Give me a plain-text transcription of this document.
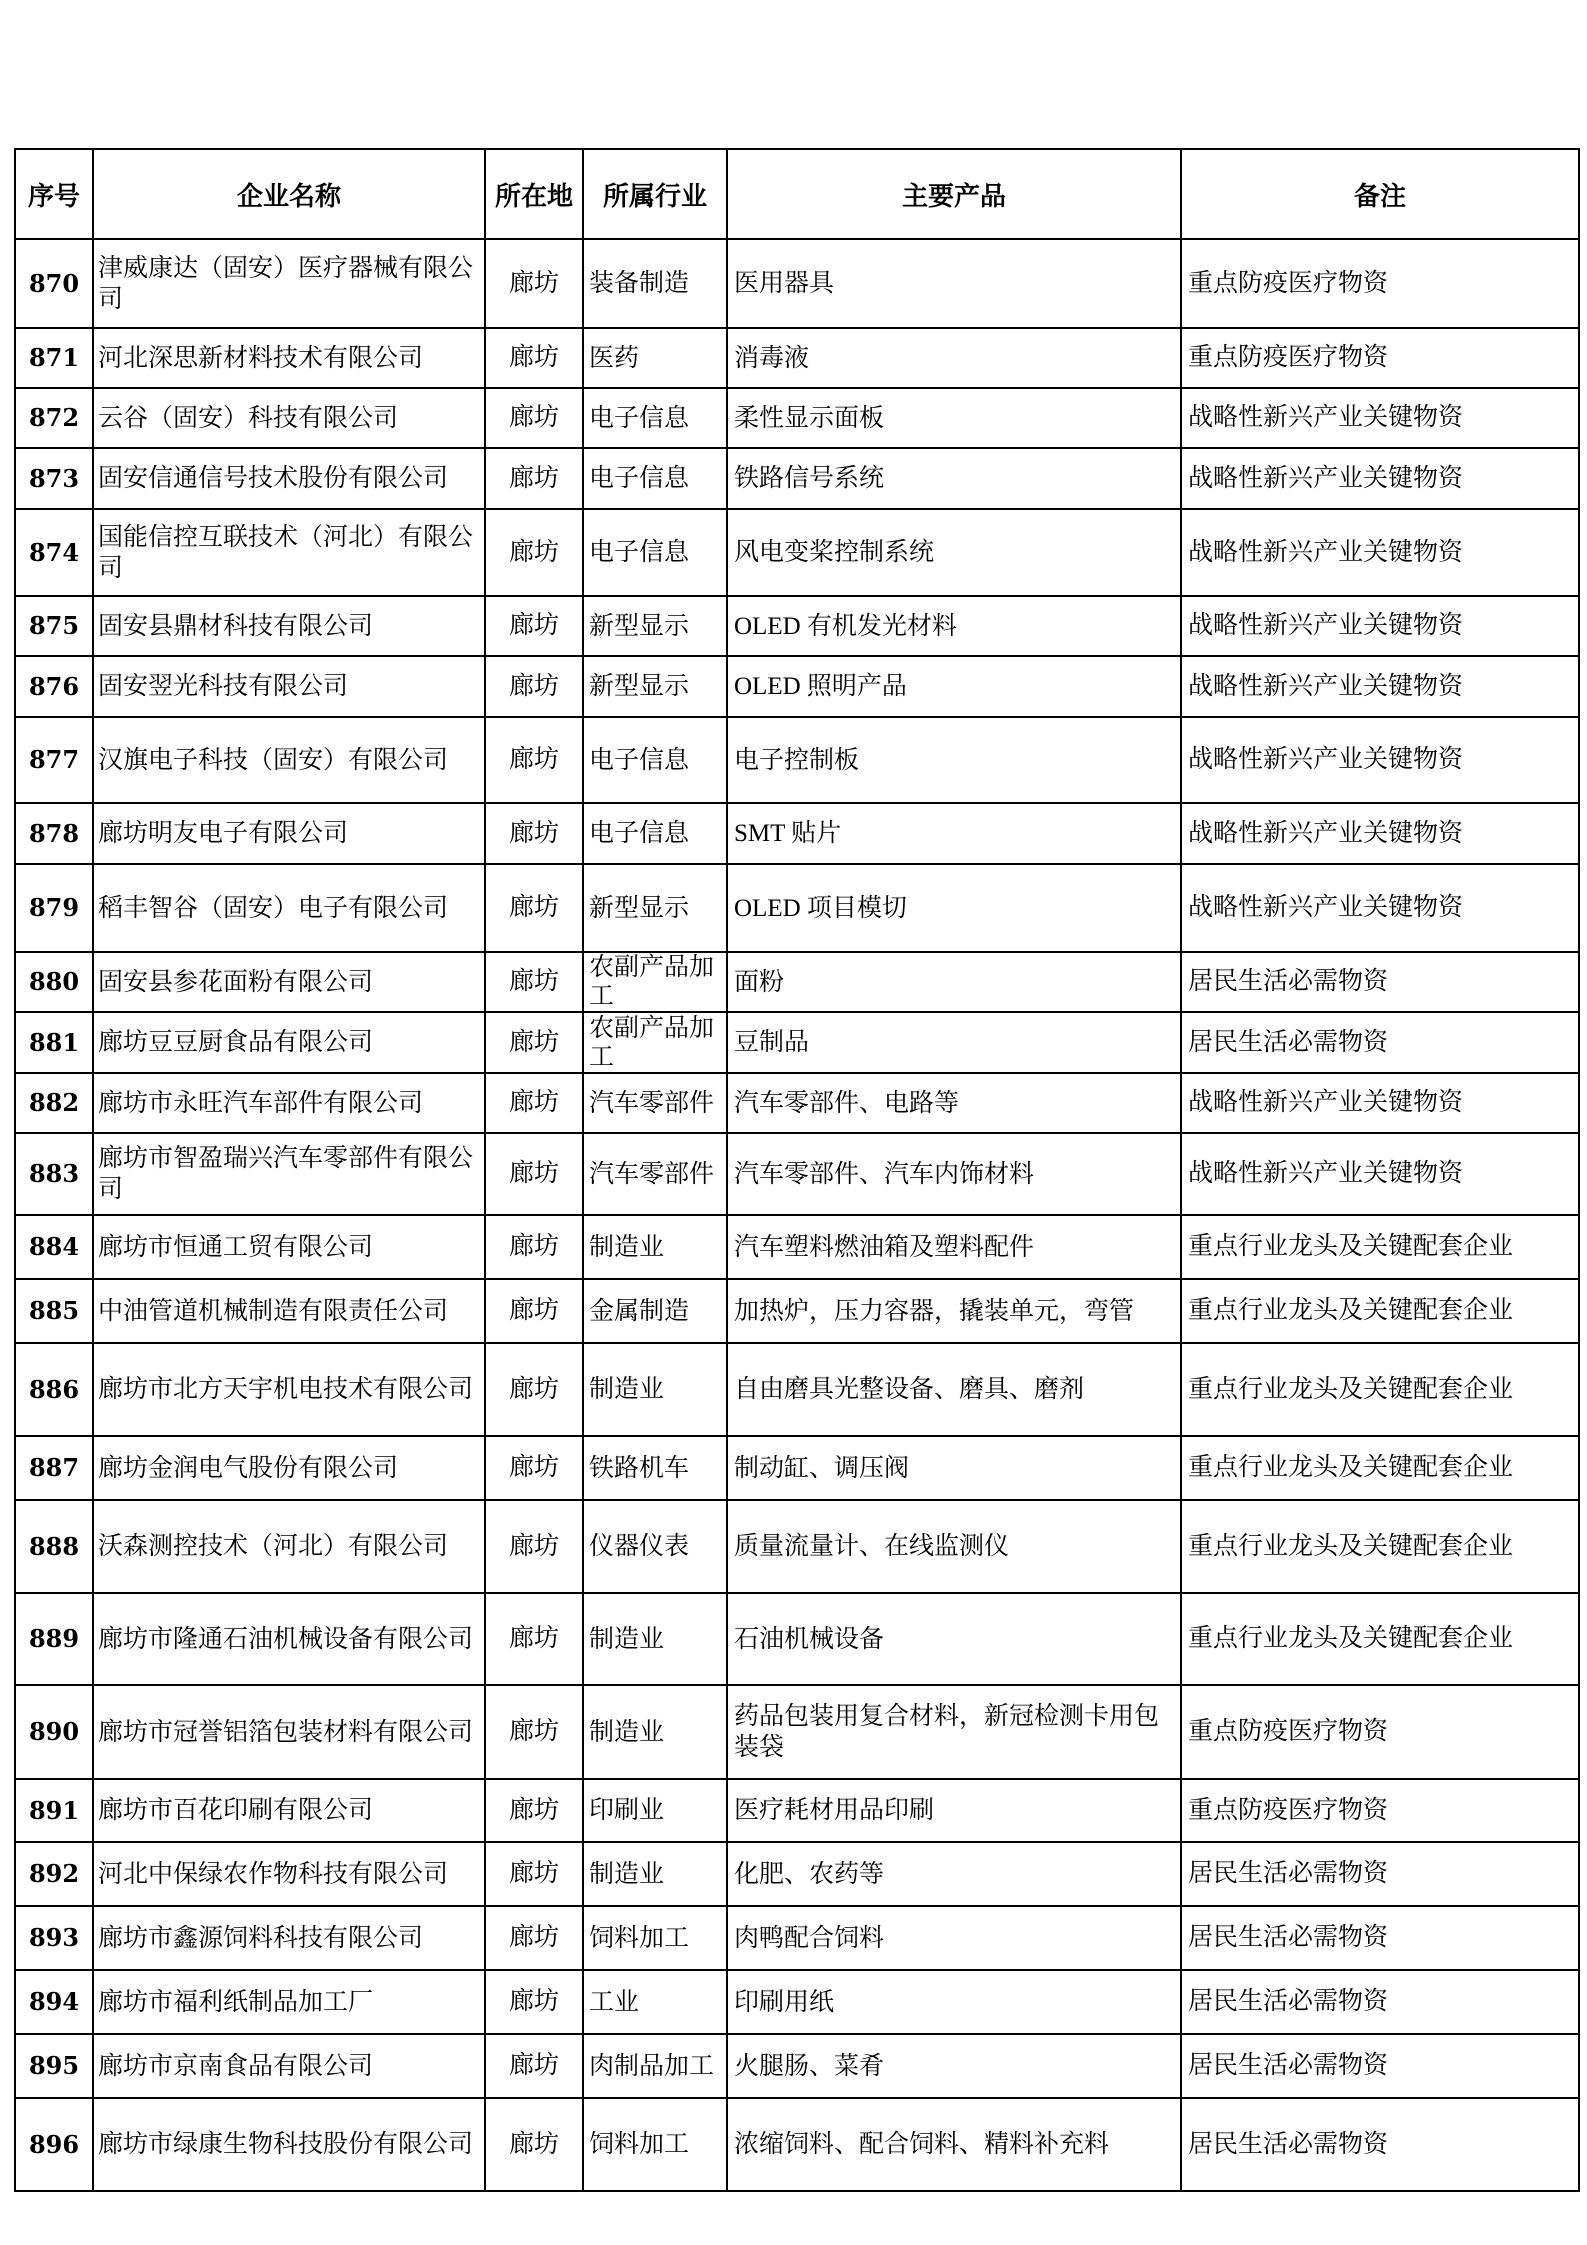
序号	企业名称	所在地	所属行业	主要产品	备注
870	津威康达（固安）医疗器械有限公司	廊坊	装备制造	医用器具	重点防疫医疗物资
871	河北深思新材料技术有限公司	廊坊	医药	消毒液	重点防疫医疗物资
872	云谷（固安）科技有限公司	廊坊	电子信息	柔性显示面板	战略性新兴产业关键物资
873	固安信通信号技术股份有限公司	廊坊	电子信息	铁路信号系统	战略性新兴产业关键物资
874	国能信控互联技术（河北）有限公司	廊坊	电子信息	风电变桨控制系统	战略性新兴产业关键物资
875	固安县鼎材科技有限公司	廊坊	新型显示	OLED 有机发光材料	战略性新兴产业关键物资
876	固安翌光科技有限公司	廊坊	新型显示	OLED 照明产品	战略性新兴产业关键物资
877	汉旗电子科技（固安）有限公司	廊坊	电子信息	电子控制板	战略性新兴产业关键物资
878	廊坊明友电子有限公司	廊坊	电子信息	SMT 贴片	战略性新兴产业关键物资
879	稻丰智谷（固安）电子有限公司	廊坊	新型显示	OLED 项目模切	战略性新兴产业关键物资
880	固安县参花面粉有限公司	廊坊	农副产品加工	面粉	居民生活必需物资
881	廊坊豆豆厨食品有限公司	廊坊	农副产品加工	豆制品	居民生活必需物资
882	廊坊市永旺汽车部件有限公司	廊坊	汽车零部件	汽车零部件、电路等	战略性新兴产业关键物资
883	廊坊市智盈瑞兴汽车零部件有限公司	廊坊	汽车零部件	汽车零部件、汽车内饰材料	战略性新兴产业关键物资
884	廊坊市恒通工贸有限公司	廊坊	制造业	汽车塑料燃油箱及塑料配件	重点行业龙头及关键配套企业
885	中油管道机械制造有限责任公司	廊坊	金属制造	加热炉，压力容器，撬装单元，弯管	重点行业龙头及关键配套企业
886	廊坊市北方天宇机电技术有限公司	廊坊	制造业	自由磨具光整设备、磨具、磨剂	重点行业龙头及关键配套企业
887	廊坊金润电气股份有限公司	廊坊	铁路机车	制动缸、调压阀	重点行业龙头及关键配套企业
888	沃森测控技术（河北）有限公司	廊坊	仪器仪表	质量流量计、在线监测仪	重点行业龙头及关键配套企业
889	廊坊市隆通石油机械设备有限公司	廊坊	制造业	石油机械设备	重点行业龙头及关键配套企业
890	廊坊市冠誉铝箔包装材料有限公司	廊坊	制造业	药品包装用复合材料，新冠检测卡用包装袋	重点防疫医疗物资
891	廊坊市百花印刷有限公司	廊坊	印刷业	医疗耗材用品印刷	重点防疫医疗物资
892	河北中保绿农作物科技有限公司	廊坊	制造业	化肥、农药等	居民生活必需物资
893	廊坊市鑫源饲料科技有限公司	廊坊	饲料加工	肉鸭配合饲料	居民生活必需物资
894	廊坊市福利纸制品加工厂	廊坊	工业	印刷用纸	居民生活必需物资
895	廊坊市京南食品有限公司	廊坊	肉制品加工	火腿肠、菜肴	居民生活必需物资
896	廊坊市绿康生物科技股份有限公司	廊坊	饲料加工	浓缩饲料、配合饲料、精料补充料	居民生活必需物资
